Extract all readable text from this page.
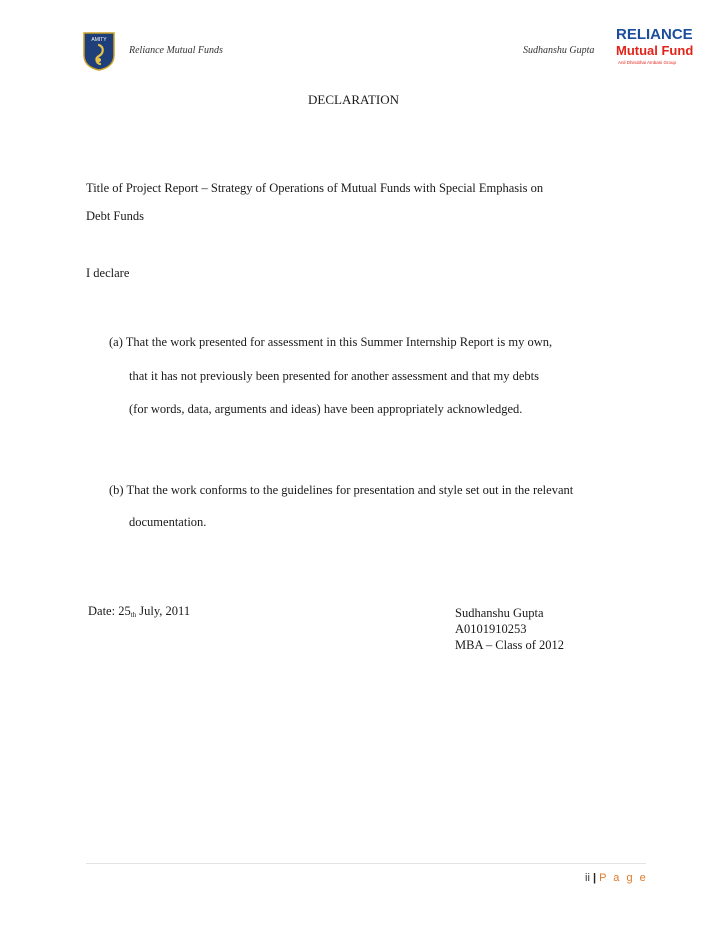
AMITY
Reliance Mutual Funds	Sudhanshu Gupta
RELIANCE
Mutual Fund
Anil Dhirubhai Ambani Group
DECLARATION
Title of Project Report – Strategy of Operations of Mutual Funds with Special Emphasis on
Debt Funds
I declare
(a) That the work presented for assessment in this Summer Internship Report is my own,
that it has not previously been presented for another assessment and that my debts
(for words, data, arguments and ideas) have been appropriately acknowledged.
(b) That the work conforms to the guidelines for presentation and style set out in the relevant
documentation.
Date: $25_{th}$ July, 2011	Sudhanshu Gupta
A0101910253
MBA – Class of 2012
ii | P a g e
